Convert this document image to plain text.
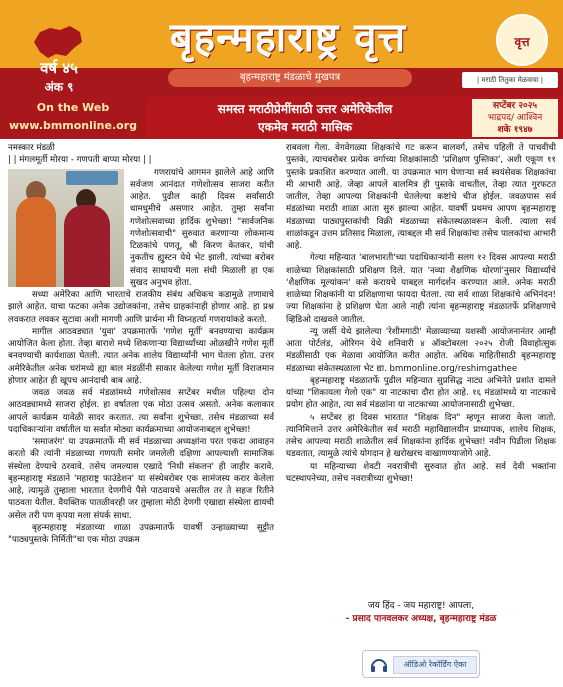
वर्ष ४५
अंक ९
बृहन्महाराष्ट्र वृत्त
बृहन्महाराष्ट्र मंडळाचे मुखपत्र
वृत्त
| मराठी तितुका मेळवावा |
On the Web
www.bmmonline.org
समस्त मराठीप्रेमींसाठी उत्तर अमेरिकेतील
एकमेव मराठी मासिक
सप्टेंबर २०२५
भाद्रपद/ आश्विन
शके १९४७

नमस्कार मंडळी

| | मंगलमूर्ती मोरया - गणपती बाप्पा मोरया | |

गणरायांचे आगमन झालेले आहे आणि सर्वजण आनंदात गणेशोत्सव साजरा करीत आहेत. पुढील काही दिवस सर्वांसाठी धामधुमीचे असणार आहेत. तुम्हा सर्वांना गणेशोत्सवाच्या हार्दिक शुभेच्छा! "सार्वजनिक गणेशोत्सवाची" सुरुवात करणाऱ्या लोकमान्य टिळकांचे पणतू, श्री किरण केतकर, यांची नुकतीच ह्युस्टन येथे भेट झाली. त्यांच्या बरोबर संवाद साधायची मला संधी मिळाली हा एक सुखद अनुभव होता.

सध्या अमेरिका आणि भारताचे राजकीय संबंध अधिकच कडामुळे तणावाचे झाले आहेत. याचा फटका अनेक उद्योजकांना, तसेच ग्राहकांनाही होणार आहे. हा प्रश्न लवकरात लवकर सुटावा अशी मागणी आणि प्रार्थना मी विघ्नहर्त्या गणरायांकडे करतो.

मागील आठवड्यात 'युवा' उपक्रमातर्फे 'गणेश मूर्ती' बनवण्याचा कार्यक्रम आयोजित केला होता. तेव्हा बाराशे मध्ये शिकणाऱ्या विद्यार्थ्यांच्या ओळखीने गणेश मूर्ती बनवण्याची कार्यशाळा घेतली. त्यात अनेक शालेय विद्यार्थ्यांनी भाग घेतला होता. उत्तर अमेरिकेतील अनेक घरांमध्ये ह्या बाल मंडळींनी साकार केलेल्या गणेश मूर्ती विराजमान होणार आहेत ही खूपच आनंदाची बाब आहे.

जवळ जवळ सर्व मंडळांमध्ये गणेशोत्सव सप्टेंबर मधील पहिल्या दोन आठवड्यामध्ये साजरा होईल. हा वर्षातला एक मोठा उत्सव असतो. अनेक कलाकार आपले कार्यक्रम यावेळी सादर करतात. त्या सर्वांना शुभेच्छा. तसेच मंडळाच्या सर्व पदाधिकाऱ्यांना वर्षातील या सर्वात मोठ्या कार्यक्रमाच्या आयोजनाबद्दल शुभेच्छा!

'समाजरंग' या उपक्रमातर्फे मी सर्व मंडळाच्या अध्यक्षांना परत एकदा आवाहन करतो की त्यांनी मंडळाच्या गणपती समोर जमलेली दक्षिणा आपल्याशी सामाजिक संस्थेला देण्याचे ठरवावे. तसेच जमल्यास एखादे 'निधी संकलन' ही जाहीर करावे. बृहन्महाराष्ट्र मंडळाने 'महाराष्ट्र फाउंडेशन' या संस्थेबरोबर एक सामंजस्य करार केलेला आहे, त्यामुळे तुम्हाला भारतात देणगीचे पैसे पाठवायचे असतील तर ते सहज रितीने पाठवता येतील. वैयक्तिक पातळीवरही जर तुम्हाला मोठी देणगी एखाद्या संस्थेला द्यायची असेल तरी पण कृपया मला संपर्क साधा.

बृहन्महाराष्ट्र मंडळाच्या शाळा उपक्रमातर्फे यावर्षी उन्हाळ्याच्या सुट्टीत "पाठ्यपुस्तके निर्मिती"चा एक मोठा उपक्रम

राबवला गेला. वेगवेगळ्या शिक्षकांचे गट करून बालवर्ग, तसेच पहिली ते पाचवीची पुस्तके, त्याचबरोबर प्रत्येक वर्गाच्या शिक्षकांसाठी 'प्रशिक्षण पुस्तिका', अशी एकूण ११ पुस्तके प्रकाशित करण्यात आली. या उपक्रमात भाग घेणाऱ्या सर्व स्वयंसेवक शिक्षकांचा मी आभारी आहे. जेव्हा आपले बालमित्र ही पुस्तके वाचतील, तेव्हा त्यात गुरफटत जातील, तेव्हा आपल्या शिक्षकांनी घेतलेल्या कष्टांचे चीज होईल. जवळपास सर्व मंडळांच्या मराठी शाळा आता सुरु झाल्या आहेत. यावर्षी प्रथमच आपण बृहन्महाराष्ट्र मंडळाच्या पाठ्यपुस्तकांची विक्री मंडळाच्या संकेतस्थळावरून केली. त्याला सर्व शाळांकडून उत्तम प्रतिसाद मिळाला, त्याबद्दल मी सर्व शिक्षकांचा तसेच पालकांचा आभारी आहे.

गेल्या महिन्यात 'बालभारती'च्या पदाधिकाऱ्यांनी सलग १२ दिवस आपल्या मराठी शाळेच्या शिक्षकांसाठी प्रशिक्षण दिले. यात 'नव्या शैक्षणिक धोरणां'नुसार विद्यार्थ्यांचे 'शैक्षणिक मूल्यांकन' कसे करायचे याबद्दल मार्गदर्शन करण्यात आले. अनेक मराठी शाळेच्या शिक्षकांनी या प्रशिक्षणाचा फायदा घेतला. त्या सर्व शाळा शिक्षकांचे अभिनंदन! ज्या शिक्षकांना हे प्रशिक्षण घेता आले नाही त्यांना बृहन्महाराष्ट्र मंडळातर्फे प्रशिक्षणाचे व्हिडिओ दाखवले जातील.

न्यू जर्सी येथे झालेल्या 'रेशीमगाठी' मेळाव्याच्या यशस्वी आयोजनानंतर आम्ही आता पोर्टलंड, ओरिगन येथे शनिवारी ४ ऑक्टोबरला २०२५ रोजी विवाहोत्सुक मंडळींसाठी एक मेळावा आयोजित करीत आहोत. अधिक माहितीसाठी बृहन्महाराष्ट्र मंडळाच्या संकेतस्थळाला भेट द्या. bmmonline.org/reshimgathee

बृहन्महाराष्ट्र मंडळातर्फे पुढील महिन्यात सुप्रसिद्ध नाट्य अभिनेते प्रशांत दामले यांच्या "शिकायला गेलो एक" या नाटकाचा दौरा होत आहे. १६ मंडळांमध्ये या नाटकाचे प्रयोग होत आहेत, त्या सर्व मंडळांना या नाटकाच्या आयोजनासाठी शुभेच्छा.

५ सप्टेंबर हा दिवस भारतात "शिक्षक दिन" म्हणून साजरा केला जातो. त्यानिमित्ताने उत्तर अमेरिकेतील सर्व मराठी महाविद्यालयीन प्राध्यापक, शालेय शिक्षक, तसेच आपल्या मराठी शाळेतील सर्व शिक्षकांना हार्दिक शुभेच्छा! नवीन पिढीला शिक्षक घडवतात, त्यामुळे त्यांचे योगदान हे खरोखरच वाखाणण्याजोगे आहे.

या महिन्याच्या शेवटी नवरात्रीची सुरुवात होत आहे. सर्व देवी भक्तांना घटस्थापनेच्या, तसेच नवरात्रीच्या शुभेच्छा!

जय हिंद - जय महाराष्ट्र! आपला,
- प्रसाद पानवलकर अध्यक्ष, बृहन्महाराष्ट्र मंडळ
ऑडिओ रेकॉर्डिंग ऐका
